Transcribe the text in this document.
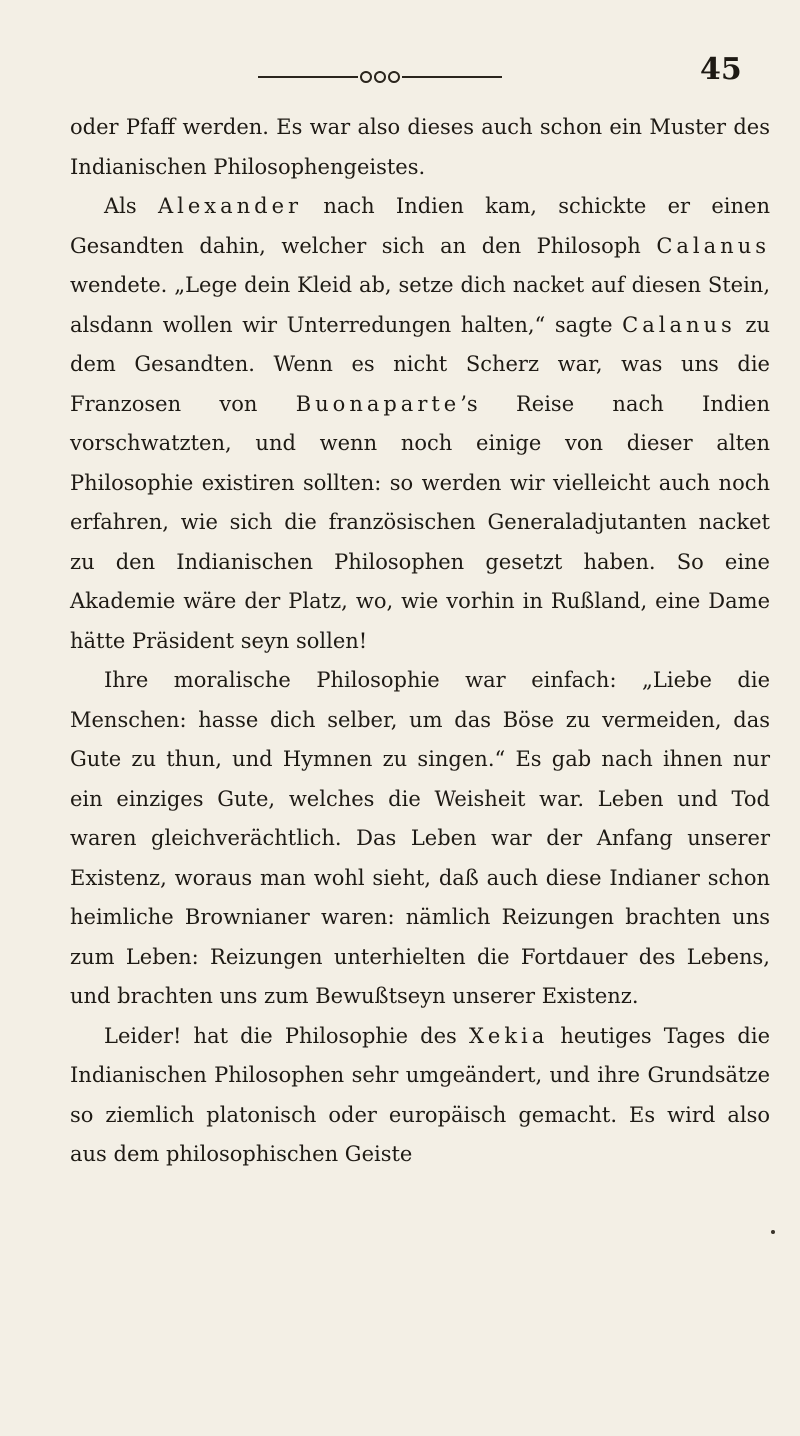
45

oder Pfaff werden. Es war also dieses auch schon ein Muster des Indianischen Philosophengeistes.

Als Alexander nach Indien kam, schickte er einen Gesandten dahin, welcher sich an den Philosoph Calanus wendete. „Lege dein Kleid ab, setze dich nacket auf diesen Stein, alsdann wollen wir Unterredungen halten,“ sagte Calanus zu dem Gesandten. Wenn es nicht Scherz war, was uns die Franzosen von Buonaparte’s Reise nach Indien vorschwatzten, und wenn noch einige von dieser alten Philosophie existiren sollten: so werden wir vielleicht auch noch erfahren, wie sich die französischen Generaladjutanten nacket zu den Indianischen Philosophen gesetzt haben. So eine Akademie wäre der Platz, wo, wie vorhin in Rußland, eine Dame hätte Präsident seyn sollen!

Ihre moralische Philosophie war einfach: „Liebe die Menschen: hasse dich selber, um das Böse zu vermeiden, das Gute zu thun, und Hymnen zu singen.“ Es gab nach ihnen nur ein einziges Gute, welches die Weisheit war. Leben und Tod waren gleichverächtlich. Das Leben war der Anfang unserer Existenz, woraus man wohl sieht, daß auch diese Indianer schon heimliche Brownianer waren: nämlich Reizungen brachten uns zum Leben: Reizungen unterhielten die Fortdauer des Lebens, und brachten uns zum Bewußtseyn unserer Existenz.

Leider! hat die Philosophie des Xekia heutiges Tages die Indianischen Philosophen sehr umgeändert, und ihre Grundsätze so ziemlich platonisch oder europäisch gemacht. Es wird also aus dem philosophischen Geiste
